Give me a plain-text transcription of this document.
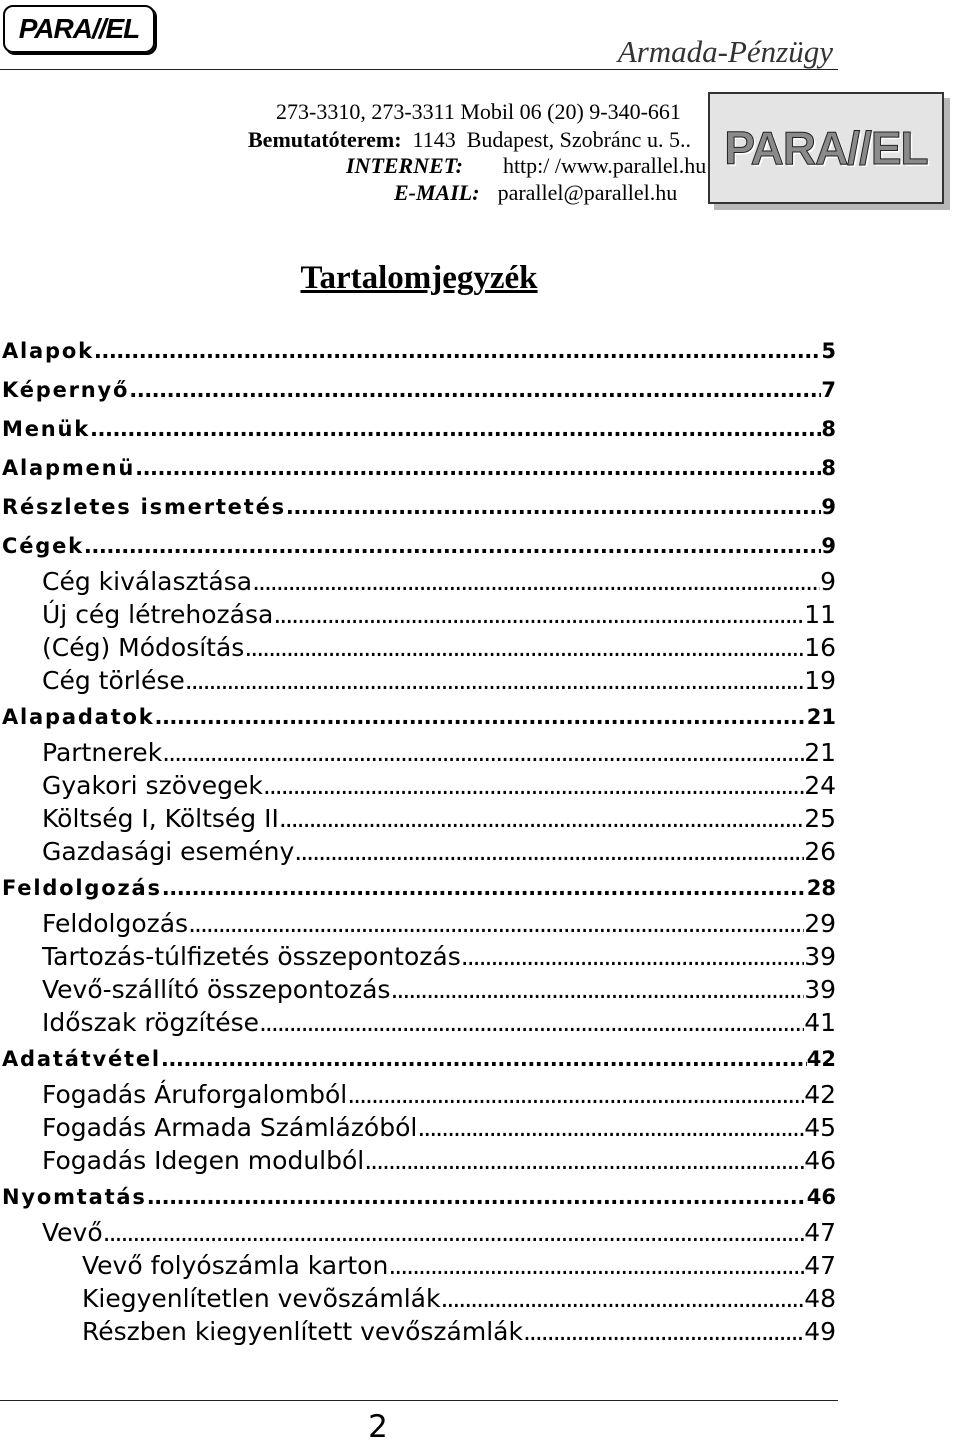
PARA//EL
Armada-Pénzügy
273-3310, 273-3311 Mobil 06 (20) 9-340-661
Bemutatóterem: 1143  Budapest, Szobránc u. 5..
INTERNET: http:/ /www.parallel.hu
E-MAIL: parallel@parallel.hu
PARA//EL
Tartalomjegyzék
Alapok .....	5
Képernyő .....	7
Menük .....	8
Alapmenü .....	8
Részletes ismertetés .....	9
Cégek .....	9
Cég kiválasztása .....	9
Új cég létrehozása .....	11
(Cég) Módosítás .....	16
Cég törlése .....	19
Alapadatok .....	21
Partnerek .....	21
Gyakori szövegek .....	24
Költség I, Költség II .....	25
Gazdasági esemény .....	26
Feldolgozás .....	28
Feldolgozás .....	29
Tartozás-túlfizetés összepontozás .....	39
Vevő-szállító összepontozás .....	39
Időszak rögzítése .....	41
Adatátvétel .....	42
Fogadás Áruforgalomból .....	42
Fogadás Armada Számlázóból .....	45
Fogadás Idegen modulból .....	46
Nyomtatás .....	46
Vevő .....	47
Vevő folyószámla karton .....	47
Kiegyenlítetlen vevõszámlák .....	48
Részben kiegyenlített vevőszámlák .....	49
2
